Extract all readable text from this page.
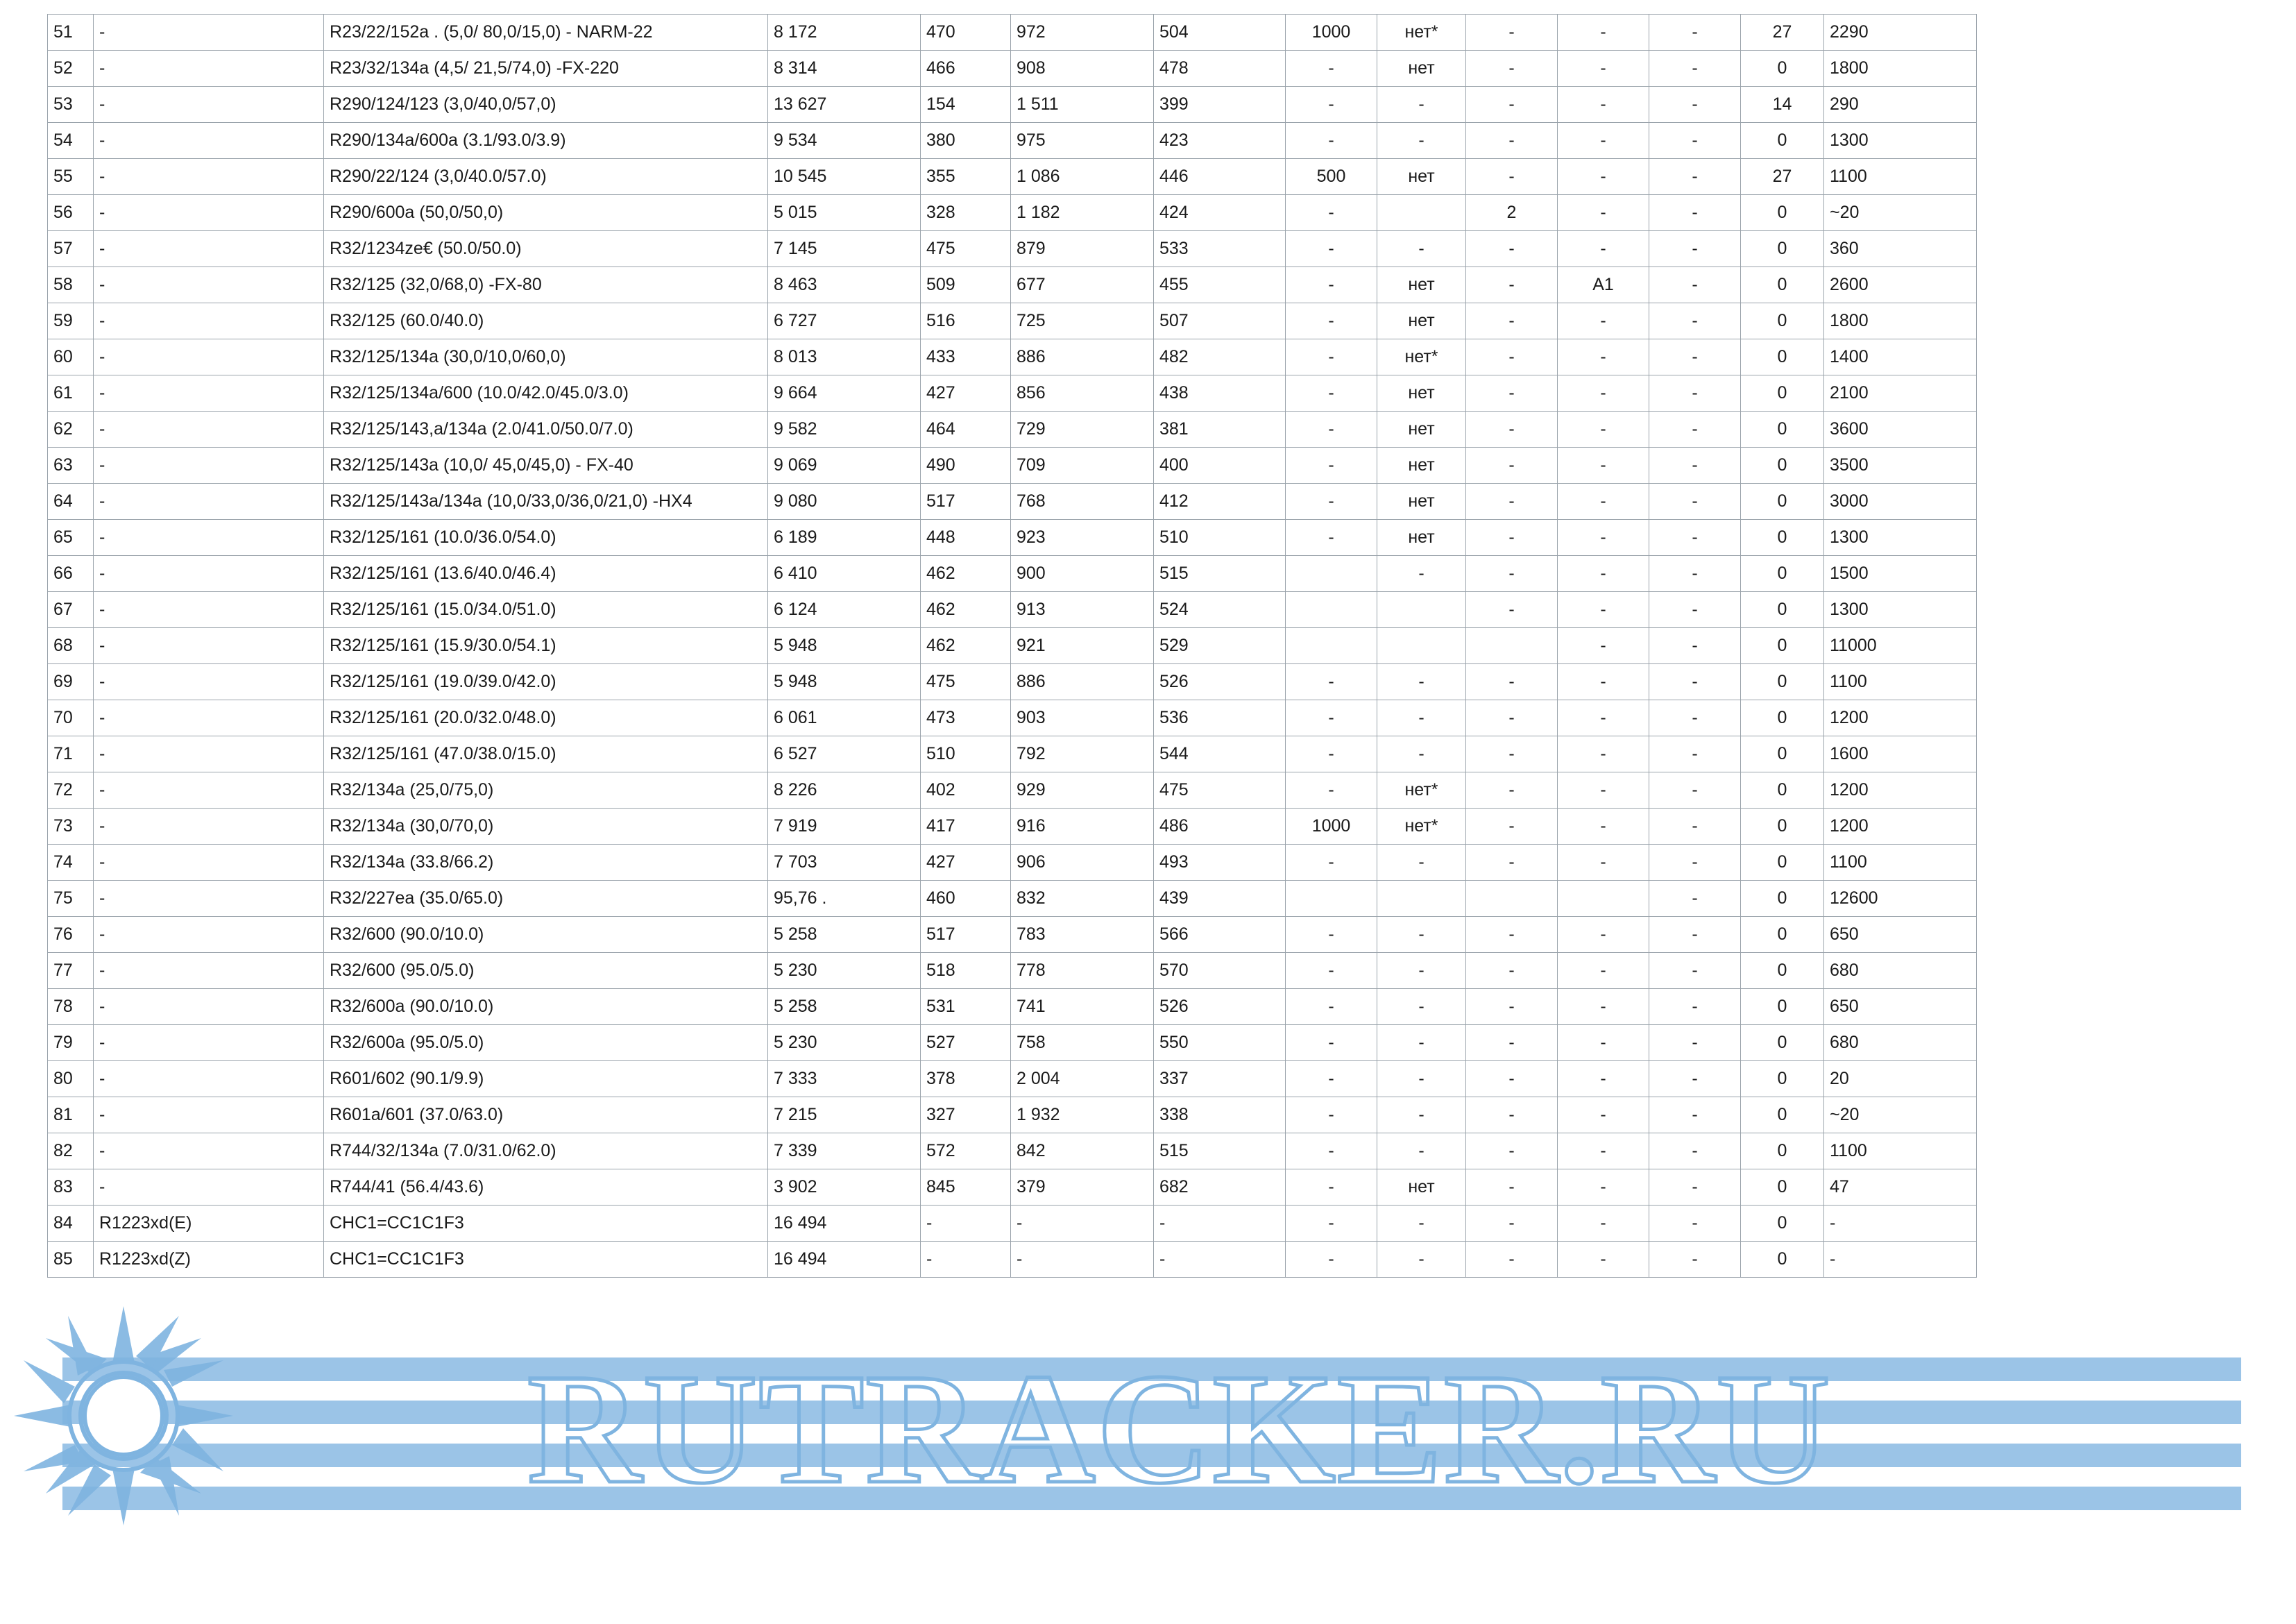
51	-	R23/22/152a . (5,0/ 80,0/15,0) - NARM-22	8 172	470	972	504	1000	нет*	-	-	-	27	2290
52	-	R23/32/134a (4,5/ 21,5/74,0) -FX-220	8 314	466	908	478	-	нет	-	-	-	0	1800
53	-	R290/124/123 (3,0/40,0/57,0)	13 627	154	1 511	399	-	-	-	-	-	14	290
54	-	R290/134a/600a (3.1/93.0/3.9)	9 534	380	975	423	-	-	-	-	-	0	1300
55	-	R290/22/124 (3,0/40.0/57.0)	10 545	355	1 086	446	500	нет	-	-	-	27	1100
56	-	R290/600a (50,0/50,0)	5 015	328	1 182	424	-		2	-	-	0	~20
57	-	R32/1234ze€ (50.0/50.0)	7 145	475	879	533	-	-	-	-	-	0	360
58	-	R32/125 (32,0/68,0) -FX-80	8 463	509	677	455	-	нет	-	A1	-	0	2600
59	-	R32/125 (60.0/40.0)	6 727	516	725	507	-	нет	-	-	-	0	1800
60	-	R32/125/134a (30,0/10,0/60,0)	8 013	433	886	482	-	нет*	-	-	-	0	1400
61	-	R32/125/134a/600 (10.0/42.0/45.0/3.0)	9 664	427	856	438	-	нет	-	-	-	0	2100
62	-	R32/125/143,a/134a (2.0/41.0/50.0/7.0)	9 582	464	729	381	-	нет	-	-	-	0	3600
63	-	R32/125/143a (10,0/ 45,0/45,0) - FX-40	9 069	490	709	400	-	нет	-	-	-	0	3500
64	-	R32/125/143a/134a (10,0/33,0/36,0/21,0) -HX4	9 080	517	768	412	-	нет	-	-	-	0	3000
65	-	R32/125/161 (10.0/36.0/54.0)	6 189	448	923	510	-	нет	-	-	-	0	1300
66	-	R32/125/161 (13.6/40.0/46.4)	6 410	462	900	515		-	-	-	-	0	1500
67	-	R32/125/161 (15.0/34.0/51.0)	6 124	462	913	524			-	-	-	0	1300
68	-	R32/125/161 (15.9/30.0/54.1)	5 948	462	921	529				-	-	0	11000
69	-	R32/125/161 (19.0/39.0/42.0)	5 948	475	886	526	-	-	-	-	-	0	1100
70	-	R32/125/161 (20.0/32.0/48.0)	6 061	473	903	536	-	-	-	-	-	0	1200
71	-	R32/125/161 (47.0/38.0/15.0)	6 527	510	792	544	-	-	-	-	-	0	1600
72	-	R32/134a (25,0/75,0)	8 226	402	929	475	-	нет*	-	-	-	0	1200
73	-	R32/134a (30,0/70,0)	7 919	417	916	486	1000	нет*	-	-	-	0	1200
74	-	R32/134a (33.8/66.2)	7 703	427	906	493	-	-	-	-	-	0	1100
75	-	R32/227ea (35.0/65.0)	95,76 .	460	832	439					-	0	12600
76	-	R32/600 (90.0/10.0)	5 258	517	783	566	-	-	-	-	-	0	650
77	-	R32/600 (95.0/5.0)	5 230	518	778	570	-	-	-	-	-	0	680
78	-	R32/600a (90.0/10.0)	5 258	531	741	526	-	-	-	-	-	0	650
79	-	R32/600a (95.0/5.0)	5 230	527	758	550	-	-	-	-	-	0	680
80	-	R601/602 (90.1/9.9)	7 333	378	2 004	337	-	-	-	-	-	0	20
81	-	R601a/601 (37.0/63.0)	7 215	327	1 932	338	-	-	-	-	-	0	~20
82	-	R744/32/134a (7.0/31.0/62.0)	7 339	572	842	515	-	-	-	-	-	0	1100
83	-	R744/41 (56.4/43.6)	3 902	845	379	682	-	нет	-	-	-	0	47
84	R1223xd(E)	CHC1=CC1C1F3	16 494	-	-	-	-	-	-	-	-	0	-
85	R1223xd(Z)	CHC1=CC1C1F3	16 494	-	-	-	-	-	-	-	-	0	-
RUTRACKER.RU
